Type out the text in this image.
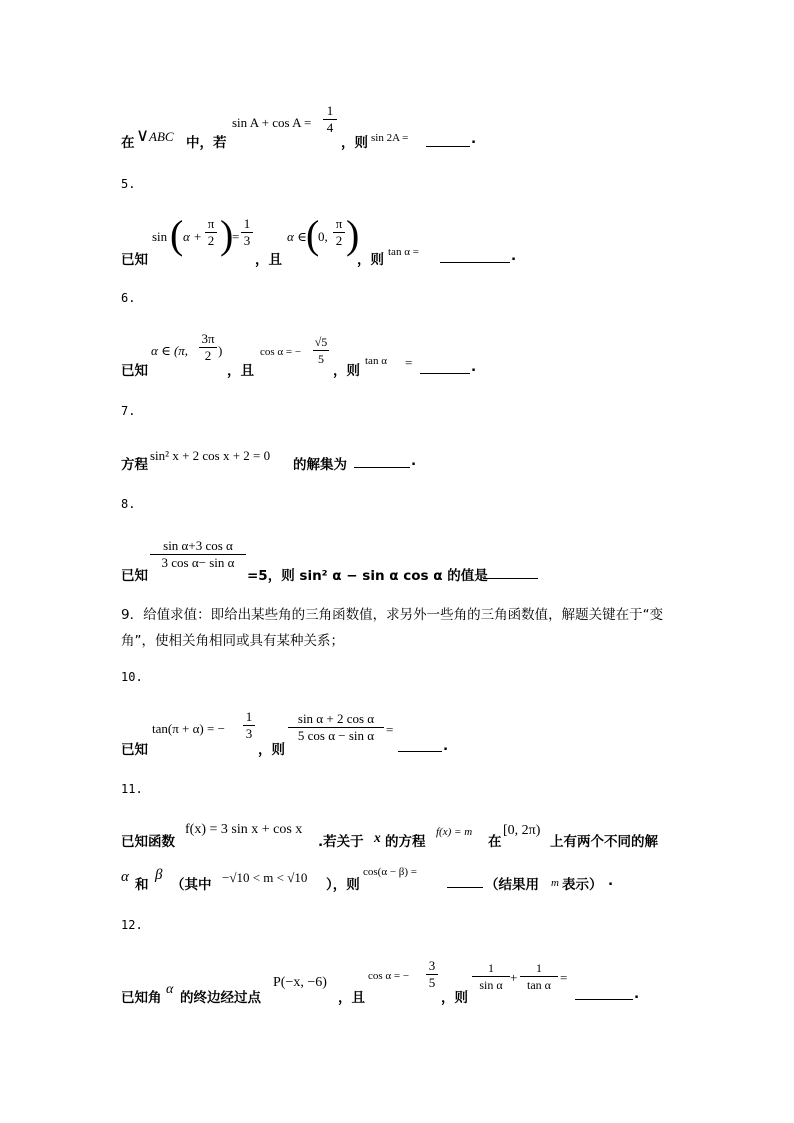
在 ∨ ABC 中，若
sin A + cos A =
1
4
，则 sin 2A =	.
5.
已知
sin ( α +
π
2 )
=
1
3
，且
α ∈ (
0,
π
2 )
，则 tan α =	.
6.
已知
α ∈ (π,
3π
2 )
，且
cos α = −
√5
5
，则
tan α =	.
7.
方程
sin² x + 2 cos x + 2 = 0
的解集为	.
8.
已知
sin α+3 cos α
3 cos α− sin α
=5，则 sin² α − sin α cos α 的值是
9．给值求值：即给出某些角的三角函数值，求另外一些角的三角函数值，解题关键在于“变角”，使相关角相同或具有某种关系；
10.
已知
tan(π + α) = −
1
3
，则
sin α + 2 cos α
5 cos α − sin α =
.
11.
已知函数
f(x) = 3 sin x + cos x
.若关于 x 的方程
f(x) = m
在
[0, 2π)
上有两个不同的解
α 和
β
（其中 −√10 < m < √10 ），则
cos(α − β) =
（结果用 m 表示） .
12.
已知角
α
的终边经过点
P(−x, −6)
，且
cos α = −
3
5
，则
1
sin α +
1
tan α =
.
